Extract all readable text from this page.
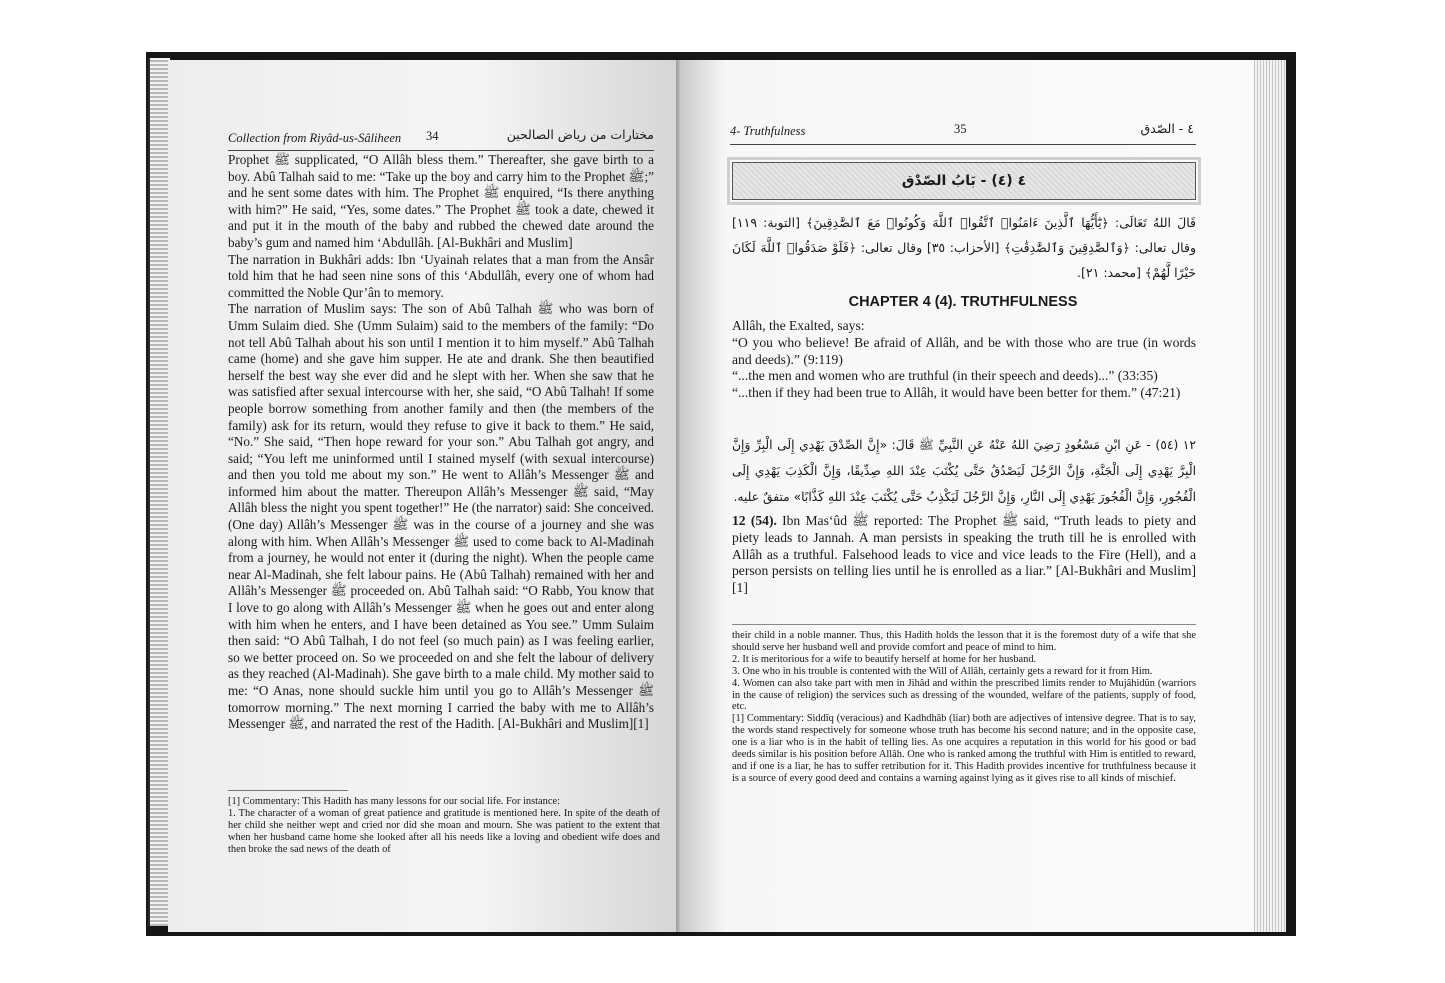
Collection from Riyâd-us-Sâliheen 34	مختارات من رياض الصالحين

Prophet ﷺ supplicated, “O Allâh bless them.” Thereafter, she gave birth to a boy. Abû Talhah said to me: “Take up the boy and carry him to the Prophet ﷺ;” and he sent some dates with him. The Prophet ﷺ enquired, “Is there anything with him?” He said, “Yes, some dates.” The Prophet ﷺ took a date, chewed it and put it in the mouth of the baby and rubbed the chewed date around the baby’s gum and named him ‘Abdullâh. [Al-Bukhâri and Muslim]

The narration in Bukhâri adds: Ibn ‘Uyainah relates that a man from the Ansâr told him that he had seen nine sons of this ‘Abdullâh, every one of whom had committed the Noble Qur’ân to memory.

The narration of Muslim says: The son of Abû Talhah ﷺ who was born of Umm Sulaim died. She (Umm Sulaim) said to the members of the family: “Do not tell Abû Talhah about his son until I mention it to him myself.” Abû Talhah came (home) and she gave him supper. He ate and drank. She then beautified herself the best way she ever did and he slept with her. When she saw that he was satisfied after sexual intercourse with her, she said, “O Abû Talhah! If some people borrow something from another family and then (the members of the family) ask for its return, would they refuse to give it back to them.” He said, “No.” She said, “Then hope reward for your son.” Abu Talhah got angry, and said; “You left me uninformed until I stained myself (with sexual intercourse) and then you told me about my son.” He went to Allâh’s Messenger ﷺ and informed him about the matter. Thereupon Allâh’s Messenger ﷺ said, “May Allâh bless the night you spent together!” He (the narrator) said: She conceived. (One day) Allâh’s Messenger ﷺ was in the course of a journey and she was along with him. When Allâh’s Messenger ﷺ used to come back to Al-Madinah from a journey, he would not enter it (during the night). When the people came near Al-Madinah, she felt labour pains. He (Abû Talhah) remained with her and Allâh’s Messenger ﷺ proceeded on. Abû Talhah said: “O Rabb, You know that I love to go along with Allâh’s Messenger ﷺ when he goes out and enter along with him when he enters, and I have been detained as You see.” Umm Sulaim then said: “O Abû Talhah, I do not feel (so much pain) as I was feeling earlier, so we better proceed on. So we proceeded on and she felt the labour of delivery as they reached (Al-Madinah). She gave birth to a male child. My mother said to me: “O Anas, none should suckle him until you go to Allâh’s Messenger ﷺ tomorrow morning.” The next morning I carried the baby with me to Allâh’s Messenger ﷺ, and narrated the rest of the Hadith. [Al-Bukhâri and Muslim][1]

[1] Commentary: This Hadith has many lessons for our social life. For instance:

1. The character of a woman of great patience and gratitude is mentioned here. In spite of the death of her child she neither wept and cried nor did she moan and mourn. She was patient to the extent that when her husband came home she looked after all his needs like a loving and obedient wife does and then broke the sad news of the death of

4- Truthfulness	35	٤ - الصّدق
٤ (٤) - بَابُ الصّدْق
قَالَ اللهُ تَعَالَى: ﴿يَٰٓأَيُّهَا ٱلَّذِينَ ءَامَنُوا۟ ٱتَّقُوا۟ ٱللَّهَ وَكُونُوا۟ مَعَ ٱلصَّٰدِقِينَ﴾ [التوبة: ١١٩] وقال تعالى: ﴿وَٱلصَّٰدِقِينَ وَٱلصَّٰدِقَٰتِ﴾ [الأحزاب: ٣٥] وقال تعالى: ﴿فَلَوْ صَدَقُوا۟ ٱللَّهَ لَكَانَ خَيْرًا لَّهُمْ﴾ [محمد: ٢١].
CHAPTER 4 (4). TRUTHFULNESS

Allâh, the Exalted, says:

“O you who believe! Be afraid of Allâh, and be with those who are true (in words and deeds).” (9:119)

“...the men and women who are truthful (in their speech and deeds)...” (33:35)

“...then if they had been true to Allâh, it would have been better for them.” (47:21)

١٢ (٥٤) - عَنِ ابْنِ مَسْعُودٍ رَضِيَ اللهُ عَنْهُ عَنِ النَّبِيِّ ﷺ قَالَ: «إِنَّ الصِّدْقَ يَهْدِي إِلَى الْبِرِّ وَإِنَّ الْبِرَّ يَهْدِي إِلَى الْجَنَّةِ، وَإِنَّ الرَّجُلَ لَيَصْدُقُ حَتَّى يُكْتَبَ عِنْدَ اللهِ صِدِّيقًا، وَإِنَّ الْكَذِبَ يَهْدِي إِلَى الْفُجُورِ، وَإِنَّ الْفُجُورَ يَهْدِي إِلَى النَّارِ، وَإِنَّ الرَّجُلَ لَيَكْذِبُ حَتَّى يُكْتَبَ عِنْدَ اللهِ كَذَّابًا» متفقٌ عليه.
12 (54). Ibn Mas‘ûd ﷺ reported: The Prophet ﷺ said, “Truth leads to piety and piety leads to Jannah. A man persists in speaking the truth till he is enrolled with Allâh as a truthful. Falsehood leads to vice and vice leads to the Fire (Hell), and a person persists on telling lies until he is enrolled as a liar.” [Al-Bukhâri and Muslim][1]

their child in a noble manner. Thus, this Hadith holds the lesson that it is the foremost duty of a wife that she should serve her husband well and provide comfort and peace of mind to him.

2. It is meritorious for a wife to beautify herself at home for her husband.

3. One who in his trouble is contented with the Will of Allâh, certainly gets a reward for it from Him.

4. Women can also take part with men in Jihâd and within the prescribed limits render to Mujâhidûn (warriors in the cause of religion) the services such as dressing of the wounded, welfare of the patients, supply of food, etc.

[1] Commentary: Siddîq (veracious) and Kadhdhâb (liar) both are adjectives of intensive degree. That is to say, the words stand respectively for someone whose truth has become his second nature; and in the opposite case, one is a liar who is in the habit of telling lies. As one acquires a reputation in this world for his good or bad deeds similar is his position before Allâh. One who is ranked among the truthful with Him is entitled to reward, and if one is a liar, he has to suffer retribution for it. This Hadith provides incentive for truthfulness because it is a source of every good deed and contains a warning against lying as it gives rise to all kinds of mischief.
